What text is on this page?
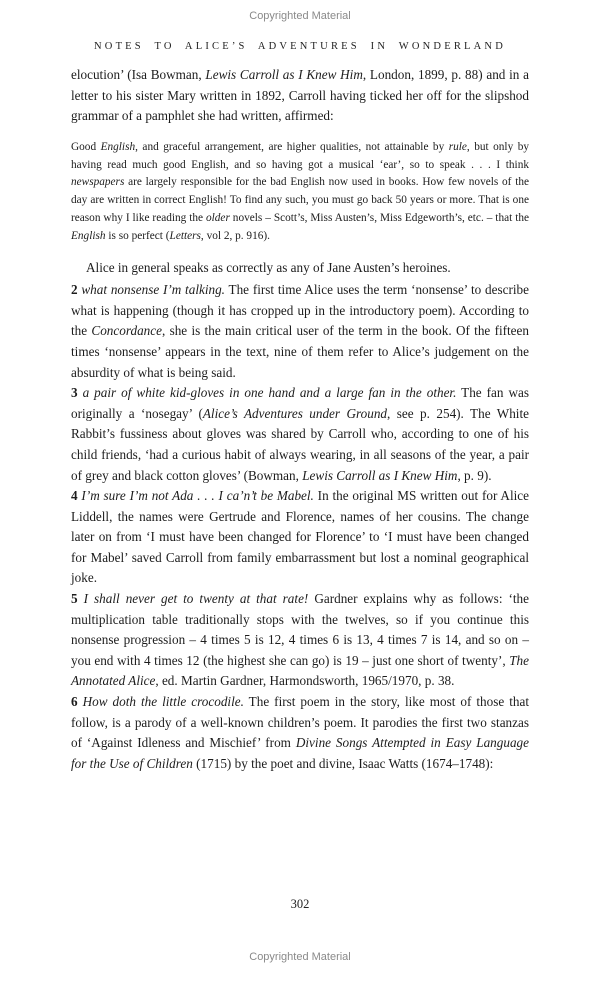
Copyrighted Material
NOTES TO ALICE’S ADVENTURES IN WONDERLAND

elocution’ (Isa Bowman, Lewis Carroll as I Knew Him, London, 1899, p. 88) and in a letter to his sister Mary written in 1892, Carroll having ticked her off for the slipshod grammar of a pamphlet she had written, affirmed:

Good English, and graceful arrangement, are higher qualities, not attainable by rule, but only by having read much good English, and so having got a musical ‘ear’, so to speak . . . I think newspapers are largely responsible for the bad English now used in books. How few novels of the day are written in correct English! To find any such, you must go back 50 years or more. That is one reason why I like reading the older novels – Scott’s, Miss Austen’s, Miss Edgeworth’s, etc. – that the English is so perfect (Letters, vol 2, p. 916).

Alice in general speaks as correctly as any of Jane Austen’s heroines.

2 what nonsense I’m talking. The first time Alice uses the term ‘nonsense’ to describe what is happening (though it has cropped up in the introductory poem). According to the Concordance, she is the main critical user of the term in the book. Of the fifteen times ‘nonsense’ appears in the text, nine of them refer to Alice’s judgement on the absurdity of what is being said.

3 a pair of white kid-gloves in one hand and a large fan in the other. The fan was originally a ‘nosegay’ (Alice’s Adventures under Ground, see p. 254). The White Rabbit’s fussiness about gloves was shared by Carroll who, according to one of his child friends, ‘had a curious habit of always wearing, in all seasons of the year, a pair of grey and black cotton gloves’ (Bowman, Lewis Carroll as I Knew Him, p. 9).

4 I’m sure I’m not Ada . . . I ca’n’t be Mabel. In the original MS written out for Alice Liddell, the names were Gertrude and Florence, names of her cousins. The change later on from ‘I must have been changed for Florence’ to ‘I must have been changed for Mabel’ saved Carroll from family embarrassment but lost a nominal geographical joke.

5 I shall never get to twenty at that rate! Gardner explains why as follows: ‘the multiplication table traditionally stops with the twelves, so if you continue this nonsense progression – 4 times 5 is 12, 4 times 6 is 13, 4 times 7 is 14, and so on – you end with 4 times 12 (the highest she can go) is 19 – just one short of twenty’, The Annotated Alice, ed. Martin Gardner, Harmondsworth, 1965/1970, p. 38.

6 How doth the little crocodile. The first poem in the story, like most of those that follow, is a parody of a well-known children’s poem. It parodies the first two stanzas of ‘Against Idleness and Mischief’ from Divine Songs Attempted in Easy Language for the Use of Children (1715) by the poet and divine, Isaac Watts (1674–1748):

302
Copyrighted Material
